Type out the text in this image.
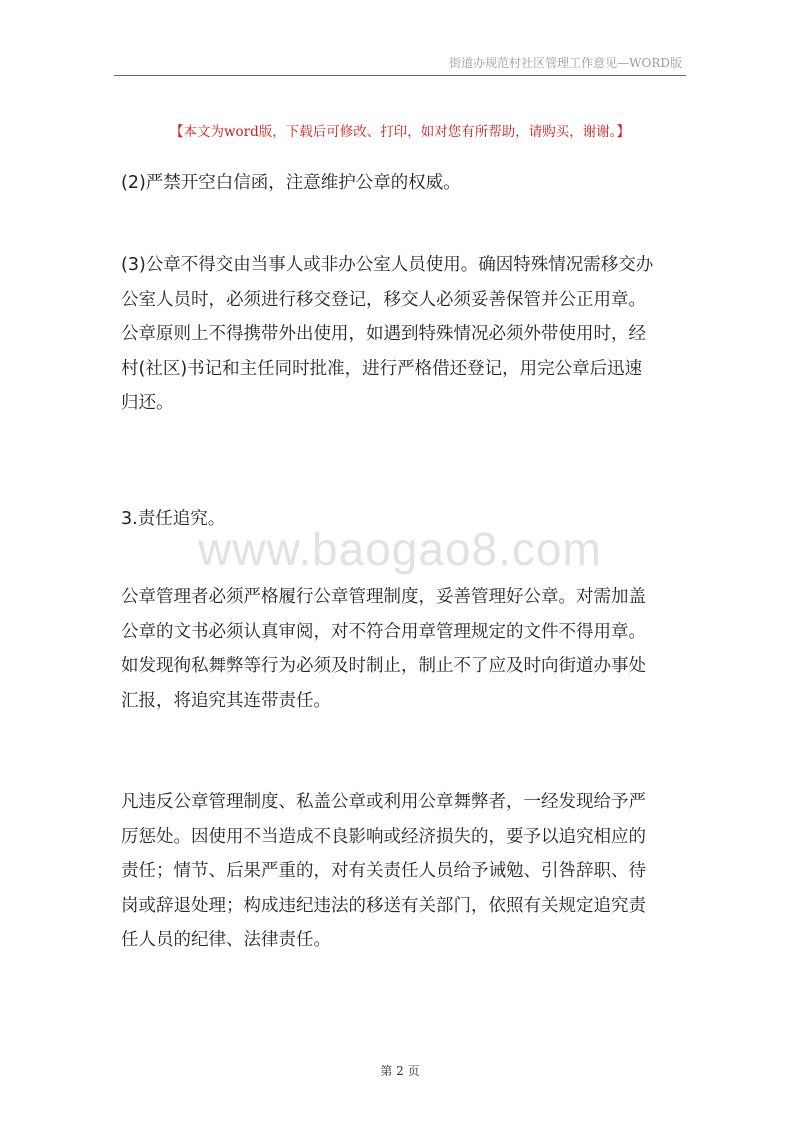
街道办规范村社区管理工作意见—WORD版
【本文为word版，下载后可修改、打印，如对您有所帮助，请购买，谢谢。】
www.baogao8.com
(2)严禁开空白信函，注意维护公章的权威。
(3)公章不得交由当事人或非办公室人员使用。确因特殊情况需移交办
公室人员时，必须进行移交登记，移交人必须妥善保管并公正用章。
公章原则上不得携带外出使用，如遇到特殊情况必须外带使用时，经
村(社区)书记和主任同时批准，进行严格借还登记，用完公章后迅速
归还。
3.责任追究。
公章管理者必须严格履行公章管理制度，妥善管理好公章。对需加盖
公章的文书必须认真审阅，对不符合用章管理规定的文件不得用章。
如发现徇私舞弊等行为必须及时制止，制止不了应及时向街道办事处
汇报，将追究其连带责任。
凡违反公章管理制度、私盖公章或利用公章舞弊者，一经发现给予严
厉惩处。因使用不当造成不良影响或经济损失的，要予以追究相应的
责任；情节、后果严重的，对有关责任人员给予诫勉、引咎辞职、待
岗或辞退处理；构成违纪违法的移送有关部门，依照有关规定追究责
任人员的纪律、法律责任。
第 2 页
